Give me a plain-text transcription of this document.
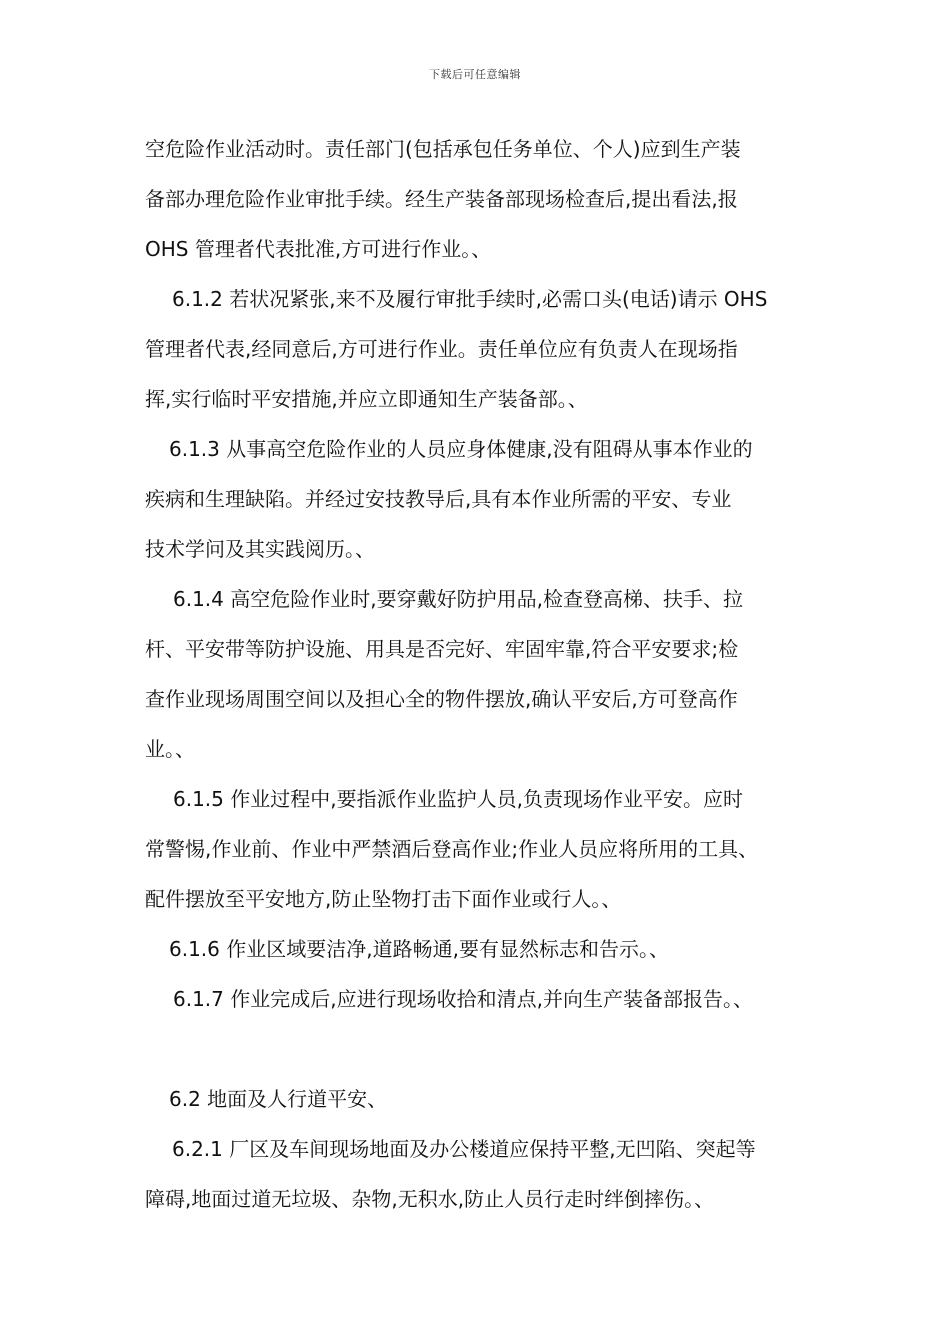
下载后可任意编辑
空危险作业活动时。责任部门(包括承包任务单位、个人)应到生产装
备部办理危险作业审批手续。经生产装备部现场检查后,提出看法,报
OHS 管理者代表批准,方可进行作业。、
6.1.2 若状况紧张,来不及履行审批手续时,必需口头(电话)请示 OHS
管理者代表,经同意后,方可进行作业。责任单位应有负责人在现场指
挥,实行临时平安措施,并应立即通知生产装备部。、
6.1.3 从事高空危险作业的人员应身体健康,没有阻碍从事本作业的
疾病和生理缺陷。并经过安技教导后,具有本作业所需的平安、专业
技术学问及其实践阅历。、
6.1.4 高空危险作业时,要穿戴好防护用品,检查登高梯、扶手、拉
杆、平安带等防护设施、用具是否完好、牢固牢靠,符合平安要求;检
查作业现场周围空间以及担心全的物件摆放,确认平安后,方可登高作
业。、
6.1.5 作业过程中,要指派作业监护人员,负责现场作业平安。应时
常警惕,作业前、作业中严禁酒后登高作业;作业人员应将所用的工具、
配件摆放至平安地方,防止坠物打击下面作业或行人。、
6.1.6 作业区域要洁净,道路畅通,要有显然标志和告示。、
6.1.7 作业完成后,应进行现场收拾和清点,并向生产装备部报告。、
6.2 地面及人行道平安、
6.2.1 厂区及车间现场地面及办公楼道应保持平整,无凹陷、突起等
障碍,地面过道无垃圾、杂物,无积水,防止人员行走时绊倒摔伤。、
